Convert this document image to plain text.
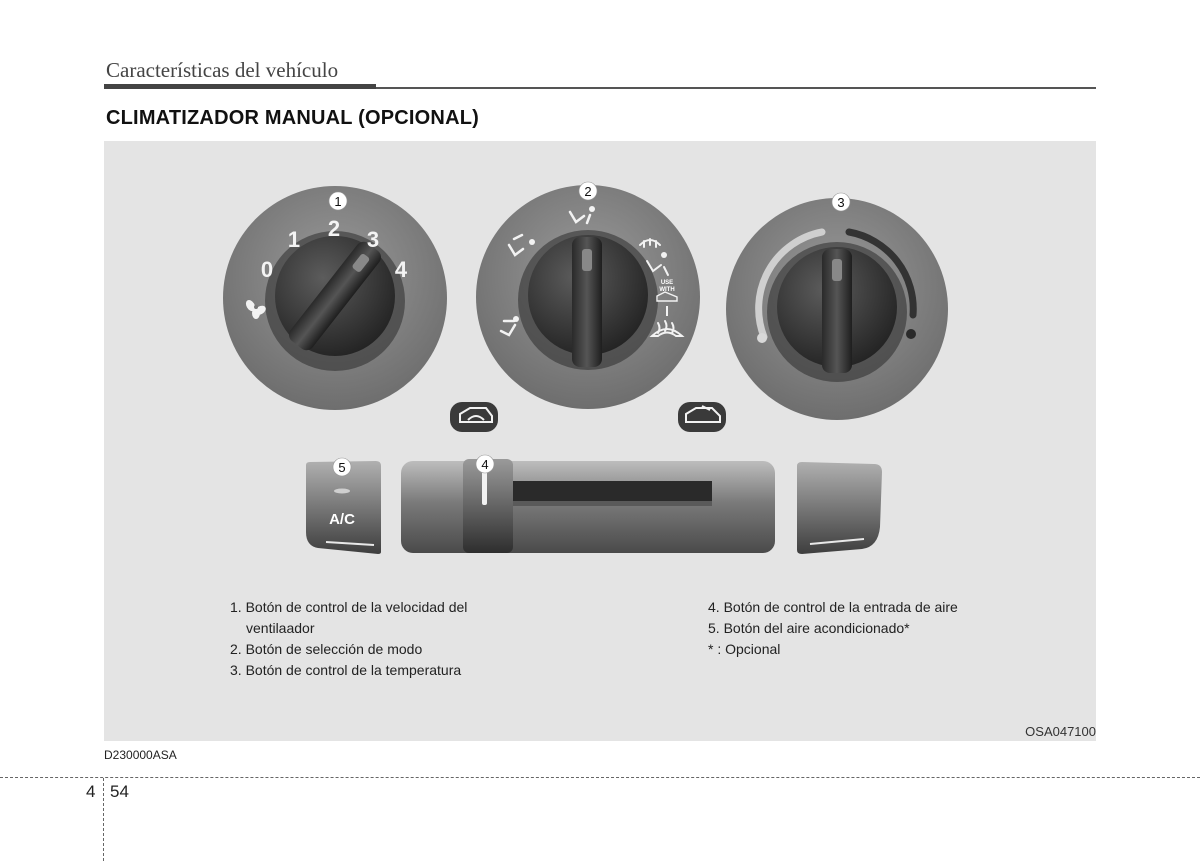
Características del vehículo
CLIMATIZADOR MANUAL (OPCIONAL)
0
1 2 3
4
USE
WITH
1
2
3
A/C
5	4
1. Botón de control de la velocidad del ventilaador
2. Botón de selección de modo
3. Botón de control de la temperatura
4. Botón de control de la entrada de aire
5. Botón del aire acondicionado*
* : Opcional
OSA047100
D230000ASA
4 54
